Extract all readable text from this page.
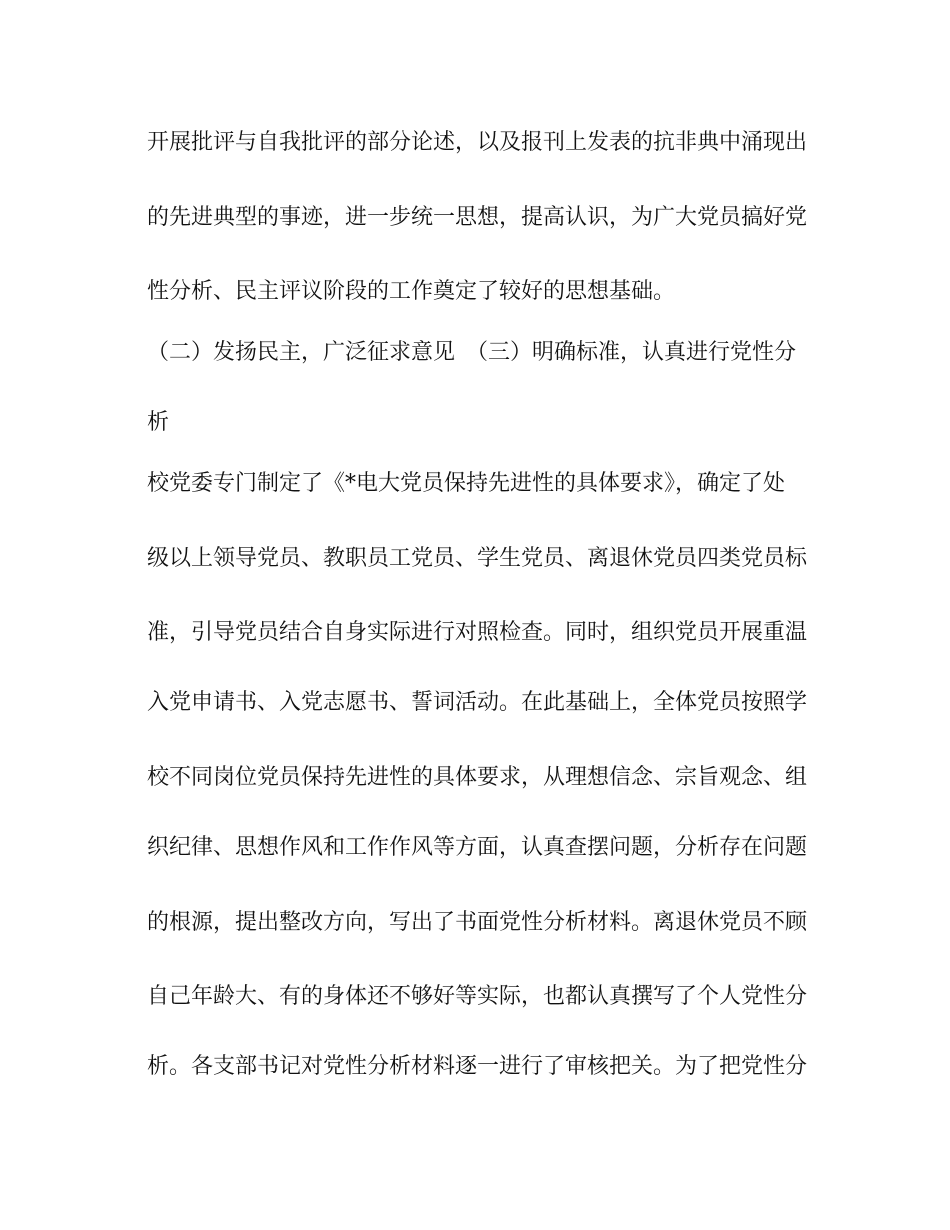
开展批评与自我批评的部分论述，以及报刊上发表的抗非典中涌现出

的先进典型的事迹，进一步统一思想，提高认识，为广大党员搞好党

性分析、民主评议阶段的工作奠定了较好的思想基础。

（二）发扬民主，广泛征求意见　（三）明确标准，认真进行党性分

析

校党委专门制定了《*电大党员保持先进性的具体要求》，确定了处

级以上领导党员、教职员工党员、学生党员、离退休党员四类党员标

准，引导党员结合自身实际进行对照检查。同时，组织党员开展重温

入党申请书、入党志愿书、誓词活动。在此基础上，全体党员按照学

校不同岗位党员保持先进性的具体要求，从理想信念、宗旨观念、组

织纪律、思想作风和工作作风等方面，认真查摆问题，分析存在问题

的根源，提出整改方向，写出了书面党性分析材料。离退休党员不顾

自己年龄大、有的身体还不够好等实际，也都认真撰写了个人党性分

析。各支部书记对党性分析材料逐一进行了审核把关。为了把党性分
